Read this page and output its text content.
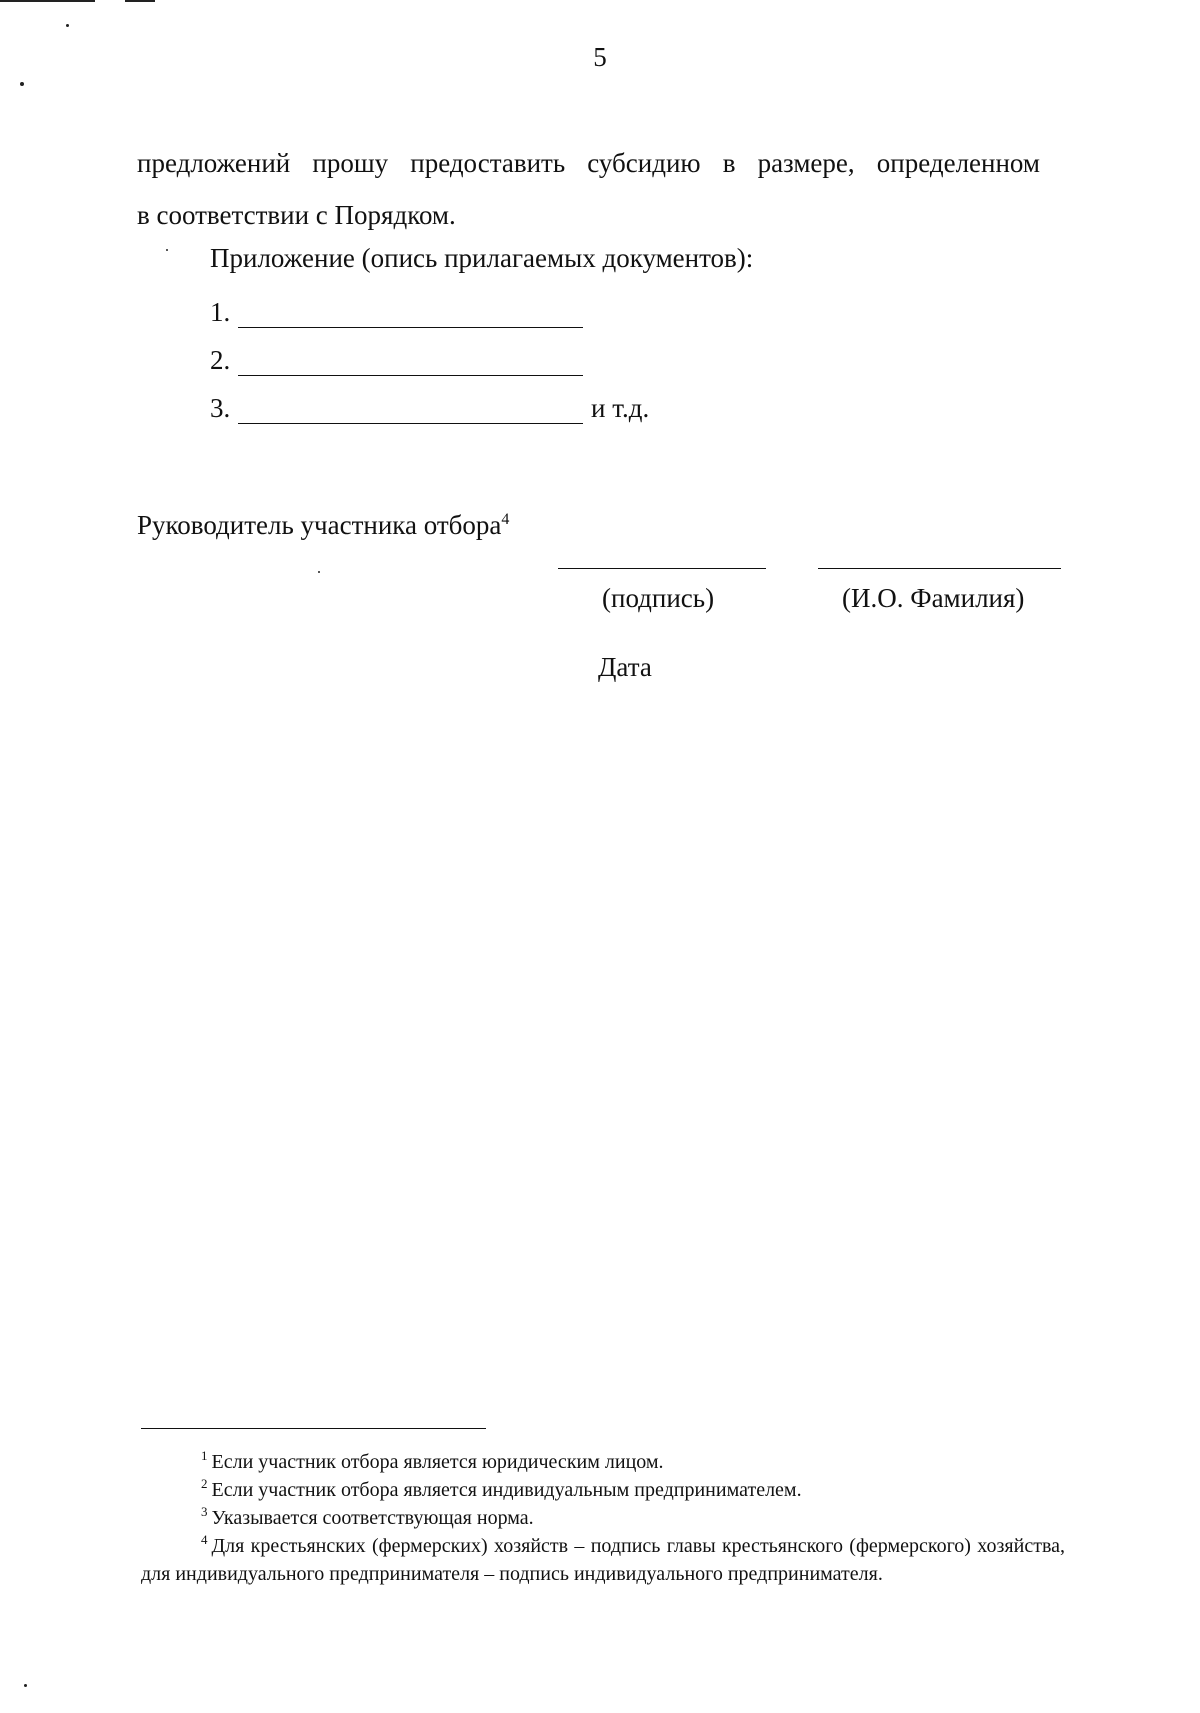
5
предложений прошу предоставить субсидию в размере, определенном
в соответствии с Порядком.
Приложение (опись прилагаемых документов):
1.
2.
3.	и т.д.
Руководитель участника отбора$^4$
(подпись)	(И.О. Фамилия)
Дата
$^1$ Если участник отбора является юридическим лицом.
$^2$ Если участник отбора является индивидуальным предпринимателем.
$^3$ Указывается соответствующая норма.
$^4$ Для крестьянских (фермерских) хозяйств – подпись главы крестьянского (фермерского) хозяйства, для индивидуального предпринимателя – подпись индивидуального предпринимателя.
